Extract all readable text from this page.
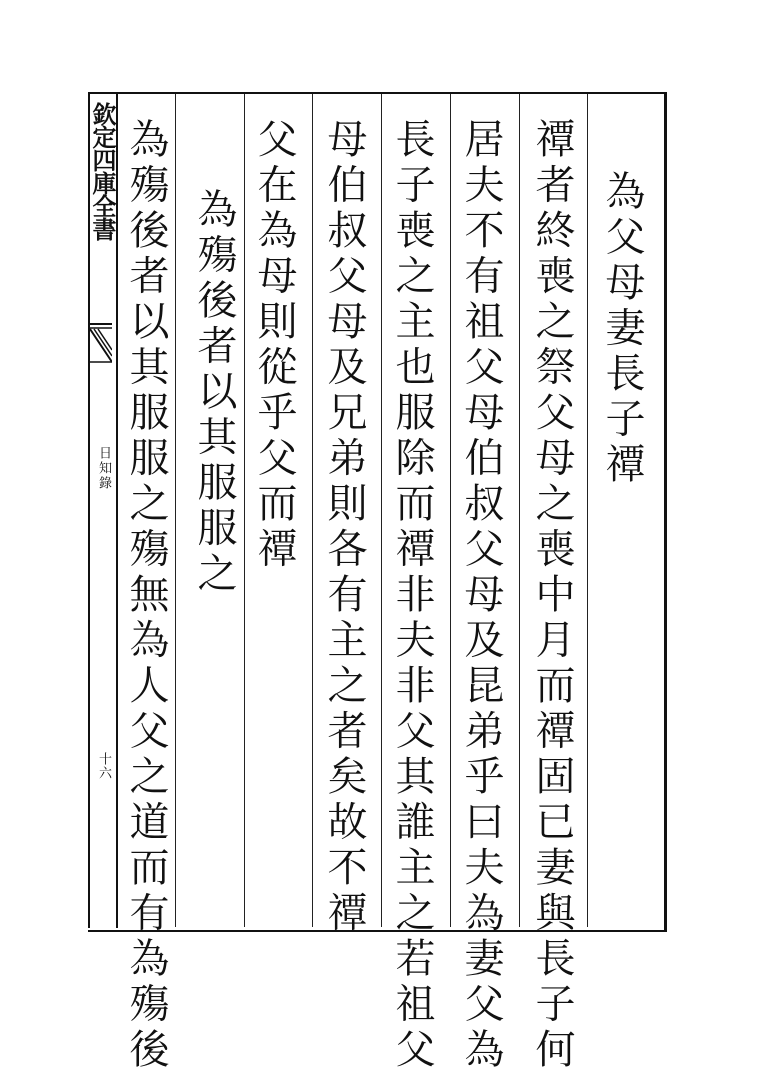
欽定四庫全書
日知錄
十六
為父母妻長子禫
禫者終喪之祭父母之喪中月而禫固已妻與長子何
居夫不有祖父母伯叔父母及昆弟乎曰夫為妻父為
長子喪之主也服除而禫非夫非父其誰主之若祖父
母伯叔父母及兄弟則各有主之者矣故不禫
父在為母則從乎父而禫
為殤後者以其服服之
為殤後者以其服服之殤無為人父之道而有為殤後
